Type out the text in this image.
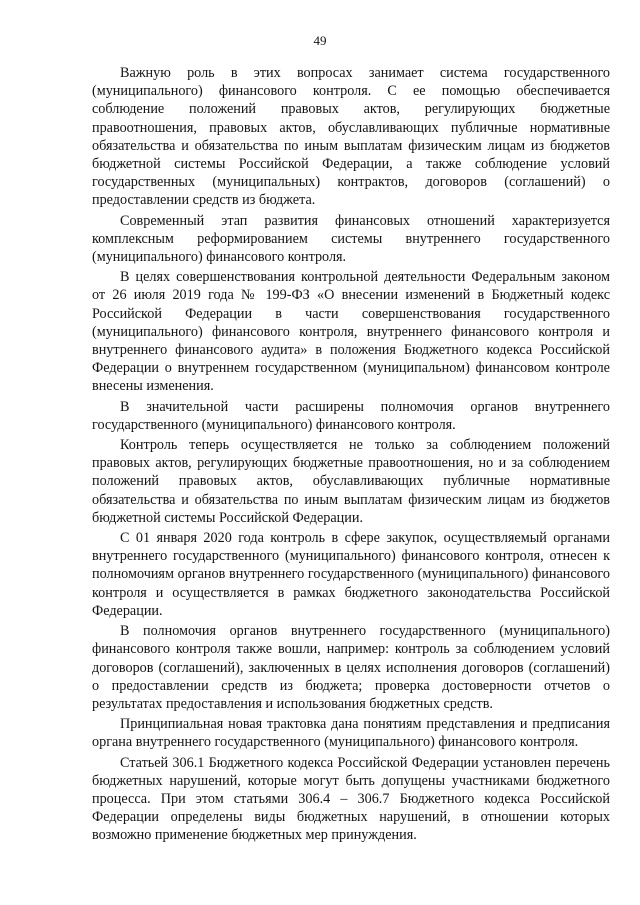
49

Важную роль в этих вопросах занимает система государственного (муниципального) финансового контроля. С ее помощью обеспечивается соблюдение положений правовых актов, регулирующих бюджетные правоотношения, правовых актов, обуславливающих публичные нормативные обязательства и обязательства по иным выплатам физическим лицам из бюджетов бюджетной системы Российской Федерации, а также соблюдение условий государственных (муниципальных) контрактов, договоров (соглашений) о предоставлении средств из бюджета.

Современный этап развития финансовых отношений характеризуется комплексным реформированием системы внутреннего государственного (муниципального) финансового контроля.

В целях совершенствования контрольной деятельности Федеральным законом от 26 июля 2019 года № 199-ФЗ «О внесении изменений в Бюджетный кодекс Российской Федерации в части совершенствования государственного (муниципального) финансового контроля, внутреннего финансового контроля и внутреннего финансового аудита» в положения Бюджетного кодекса Российской Федерации о внутреннем государственном (муниципальном) финансовом контроле внесены изменения.

В значительной части расширены полномочия органов внутреннего государственного (муниципального) финансового контроля.

Контроль теперь осуществляется не только за соблюдением положений правовых актов, регулирующих бюджетные правоотношения, но и за соблюдением положений правовых актов, обуславливающих публичные нормативные обязательства и обязательства по иным выплатам физическим лицам из бюджетов бюджетной системы Российской Федерации.

С 01 января 2020 года контроль в сфере закупок, осуществляемый органами внутреннего государственного (муниципального) финансового контроля, отнесен к полномочиям органов внутреннего государственного (муниципального) финансового контроля и осуществляется в рамках бюджетного законодательства Российской Федерации.

В полномочия органов внутреннего государственного (муниципального) финансового контроля также вошли, например: контроль за соблюдением условий договоров (соглашений), заключенных в целях исполнения договоров (соглашений) о предоставлении средств из бюджета; проверка достоверности отчетов о результатах предоставления и использования бюджетных средств.

Принципиальная новая трактовка дана понятиям представления и предписания органа внутреннего государственного (муниципального) финансового контроля.

Статьей 306.1 Бюджетного кодекса Российской Федерации установлен перечень бюджетных нарушений, которые могут быть допущены участниками бюджетного процесса. При этом статьями 306.4 – 306.7 Бюджетного кодекса Российской Федерации определены виды бюджетных нарушений, в отношении которых возможно применение бюджетных мер принуждения.
